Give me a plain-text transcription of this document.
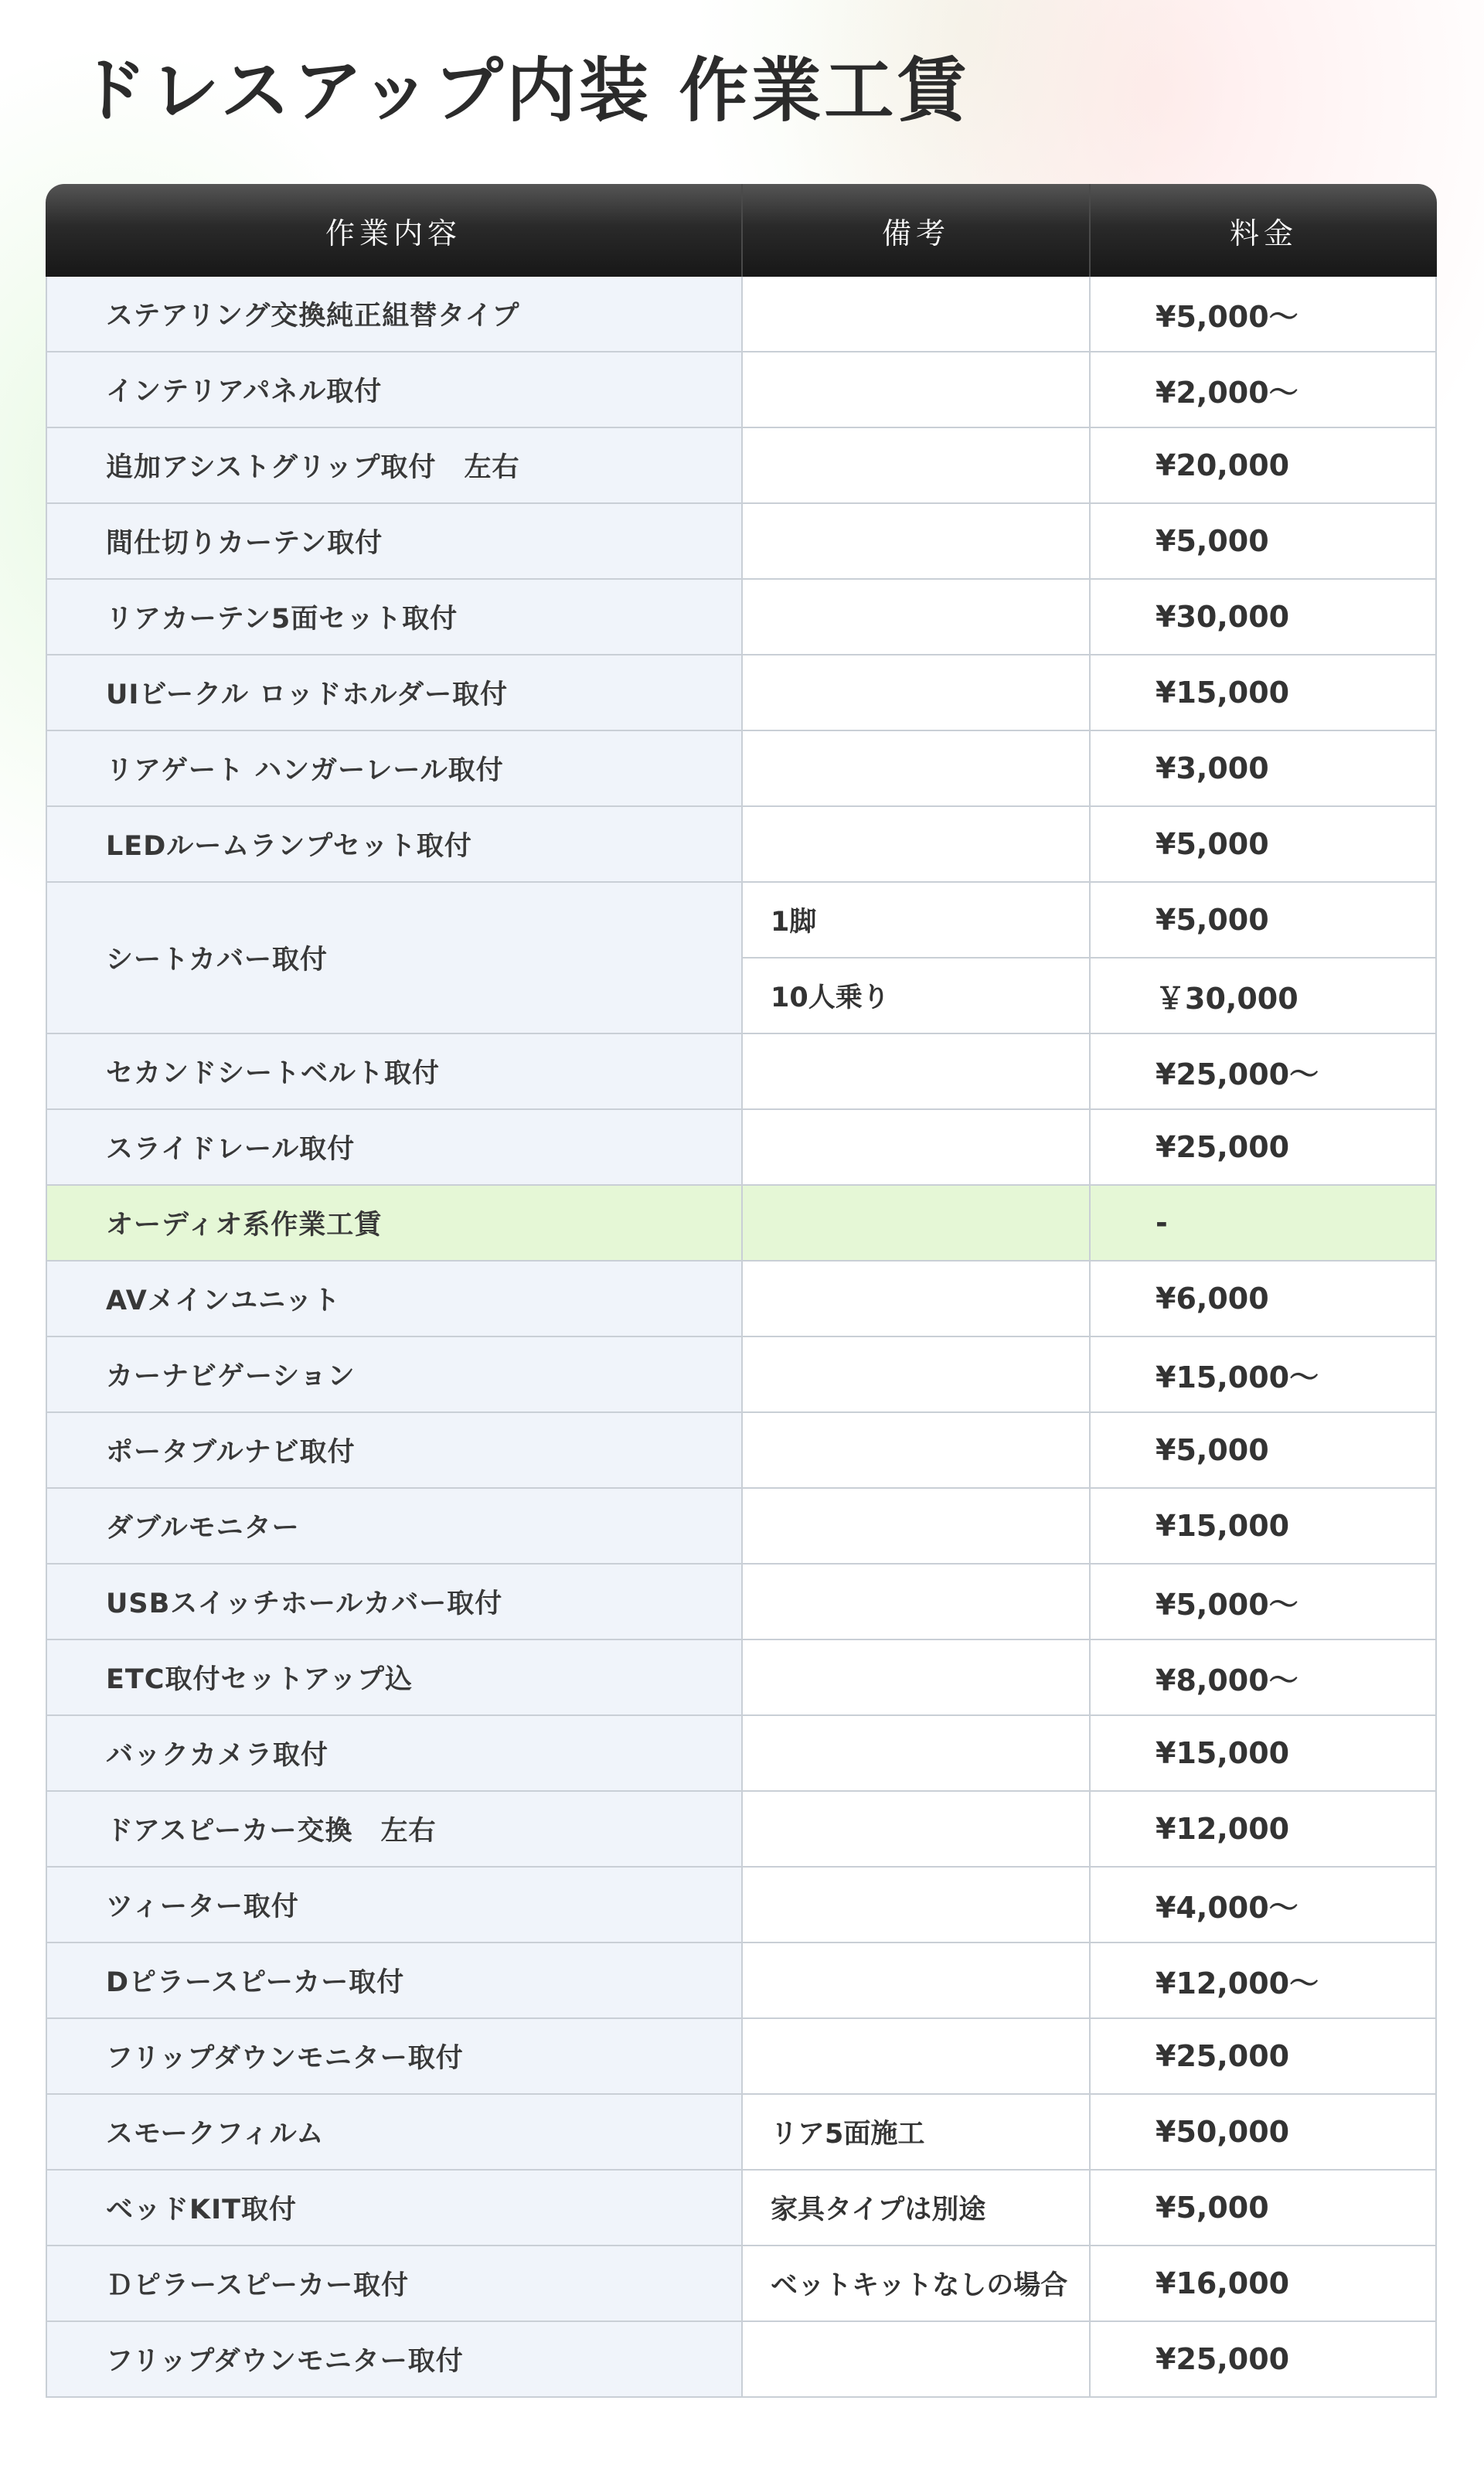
ドレスアップ内装 作業工賃
作業内容	備考	料金
ステアリング交換純正組替タイプ		¥5,000〜
インテリアパネル取付		¥2,000〜
追加アシストグリップ取付　左右		¥20,000
間仕切りカーテン取付		¥5,000
リアカーテン5面セット取付		¥30,000
UIビークル ロッドホルダー取付		¥15,000
リアゲート ハンガーレール取付		¥3,000
LEDルームランプセット取付		¥5,000
シートカバー取付	1脚	¥5,000
	10人乗り	￥30,000
セカンドシートベルト取付		¥25,000〜
スライドレール取付		¥25,000
オーディオ系作業工賃		-
AVメインユニット		¥6,000
カーナビゲーション		¥15,000〜
ポータブルナビ取付		¥5,000
ダブルモニター		¥15,000
USBスイッチホールカバー取付		¥5,000〜
ETC取付セットアップ込		¥8,000〜
バックカメラ取付		¥15,000
ドアスピーカー交換　左右		¥12,000
ツィーター取付		¥4,000〜
Dピラースピーカー取付		¥12,000〜
フリップダウンモニター取付		¥25,000
スモークフィルム	リア5面施工	¥50,000
ベッドKIT取付	家具タイプは別途	¥5,000
Ｄピラースピーカー取付	ベットキットなしの場合	¥16,000
フリップダウンモニター取付		¥25,000
